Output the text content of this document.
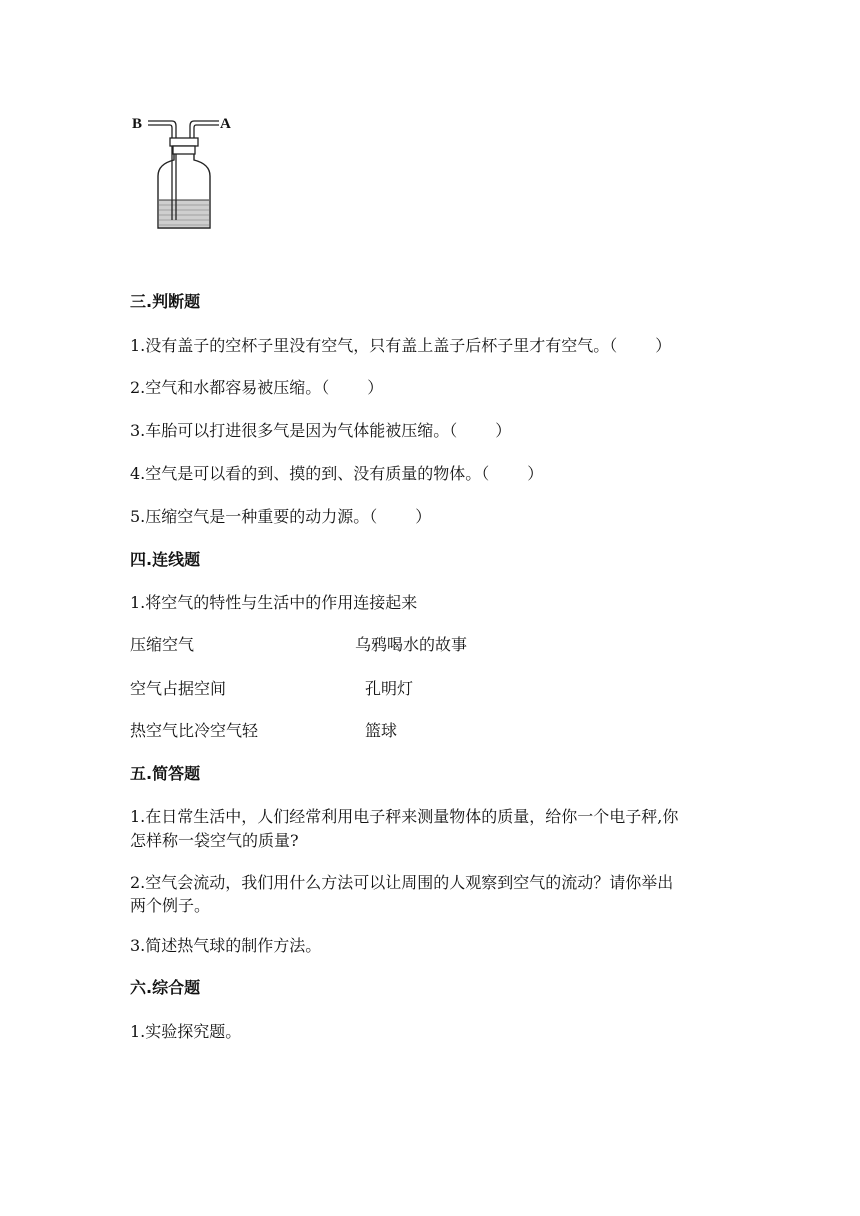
B	A
三.判断题
1.没有盖子的空杯子里没有空气，只有盖上盖子后杯子里才有空气。（ ）
2.空气和水都容易被压缩。（ ）
3.车胎可以打进很多气是因为气体能被压缩。（ ）
4.空气是可以看的到、摸的到、没有质量的物体。（ ）
5.压缩空气是一种重要的动力源。（ ）
四.连线题
1.将空气的特性与生活中的作用连接起来
压缩空气	乌鸦喝水的故事
空气占据空间	孔明灯
热空气比冷空气轻	篮球
五.简答题
1.在日常生活中，人们经常利用电子秤来测量物体的质量，给你一个电子秤,你
怎样称一袋空气的质量?
2.空气会流动，我们用什么方法可以让周围的人观察到空气的流动？请你举出
两个例子。
3.简述热气球的制作方法。
六.综合题
1.实验探究题。
